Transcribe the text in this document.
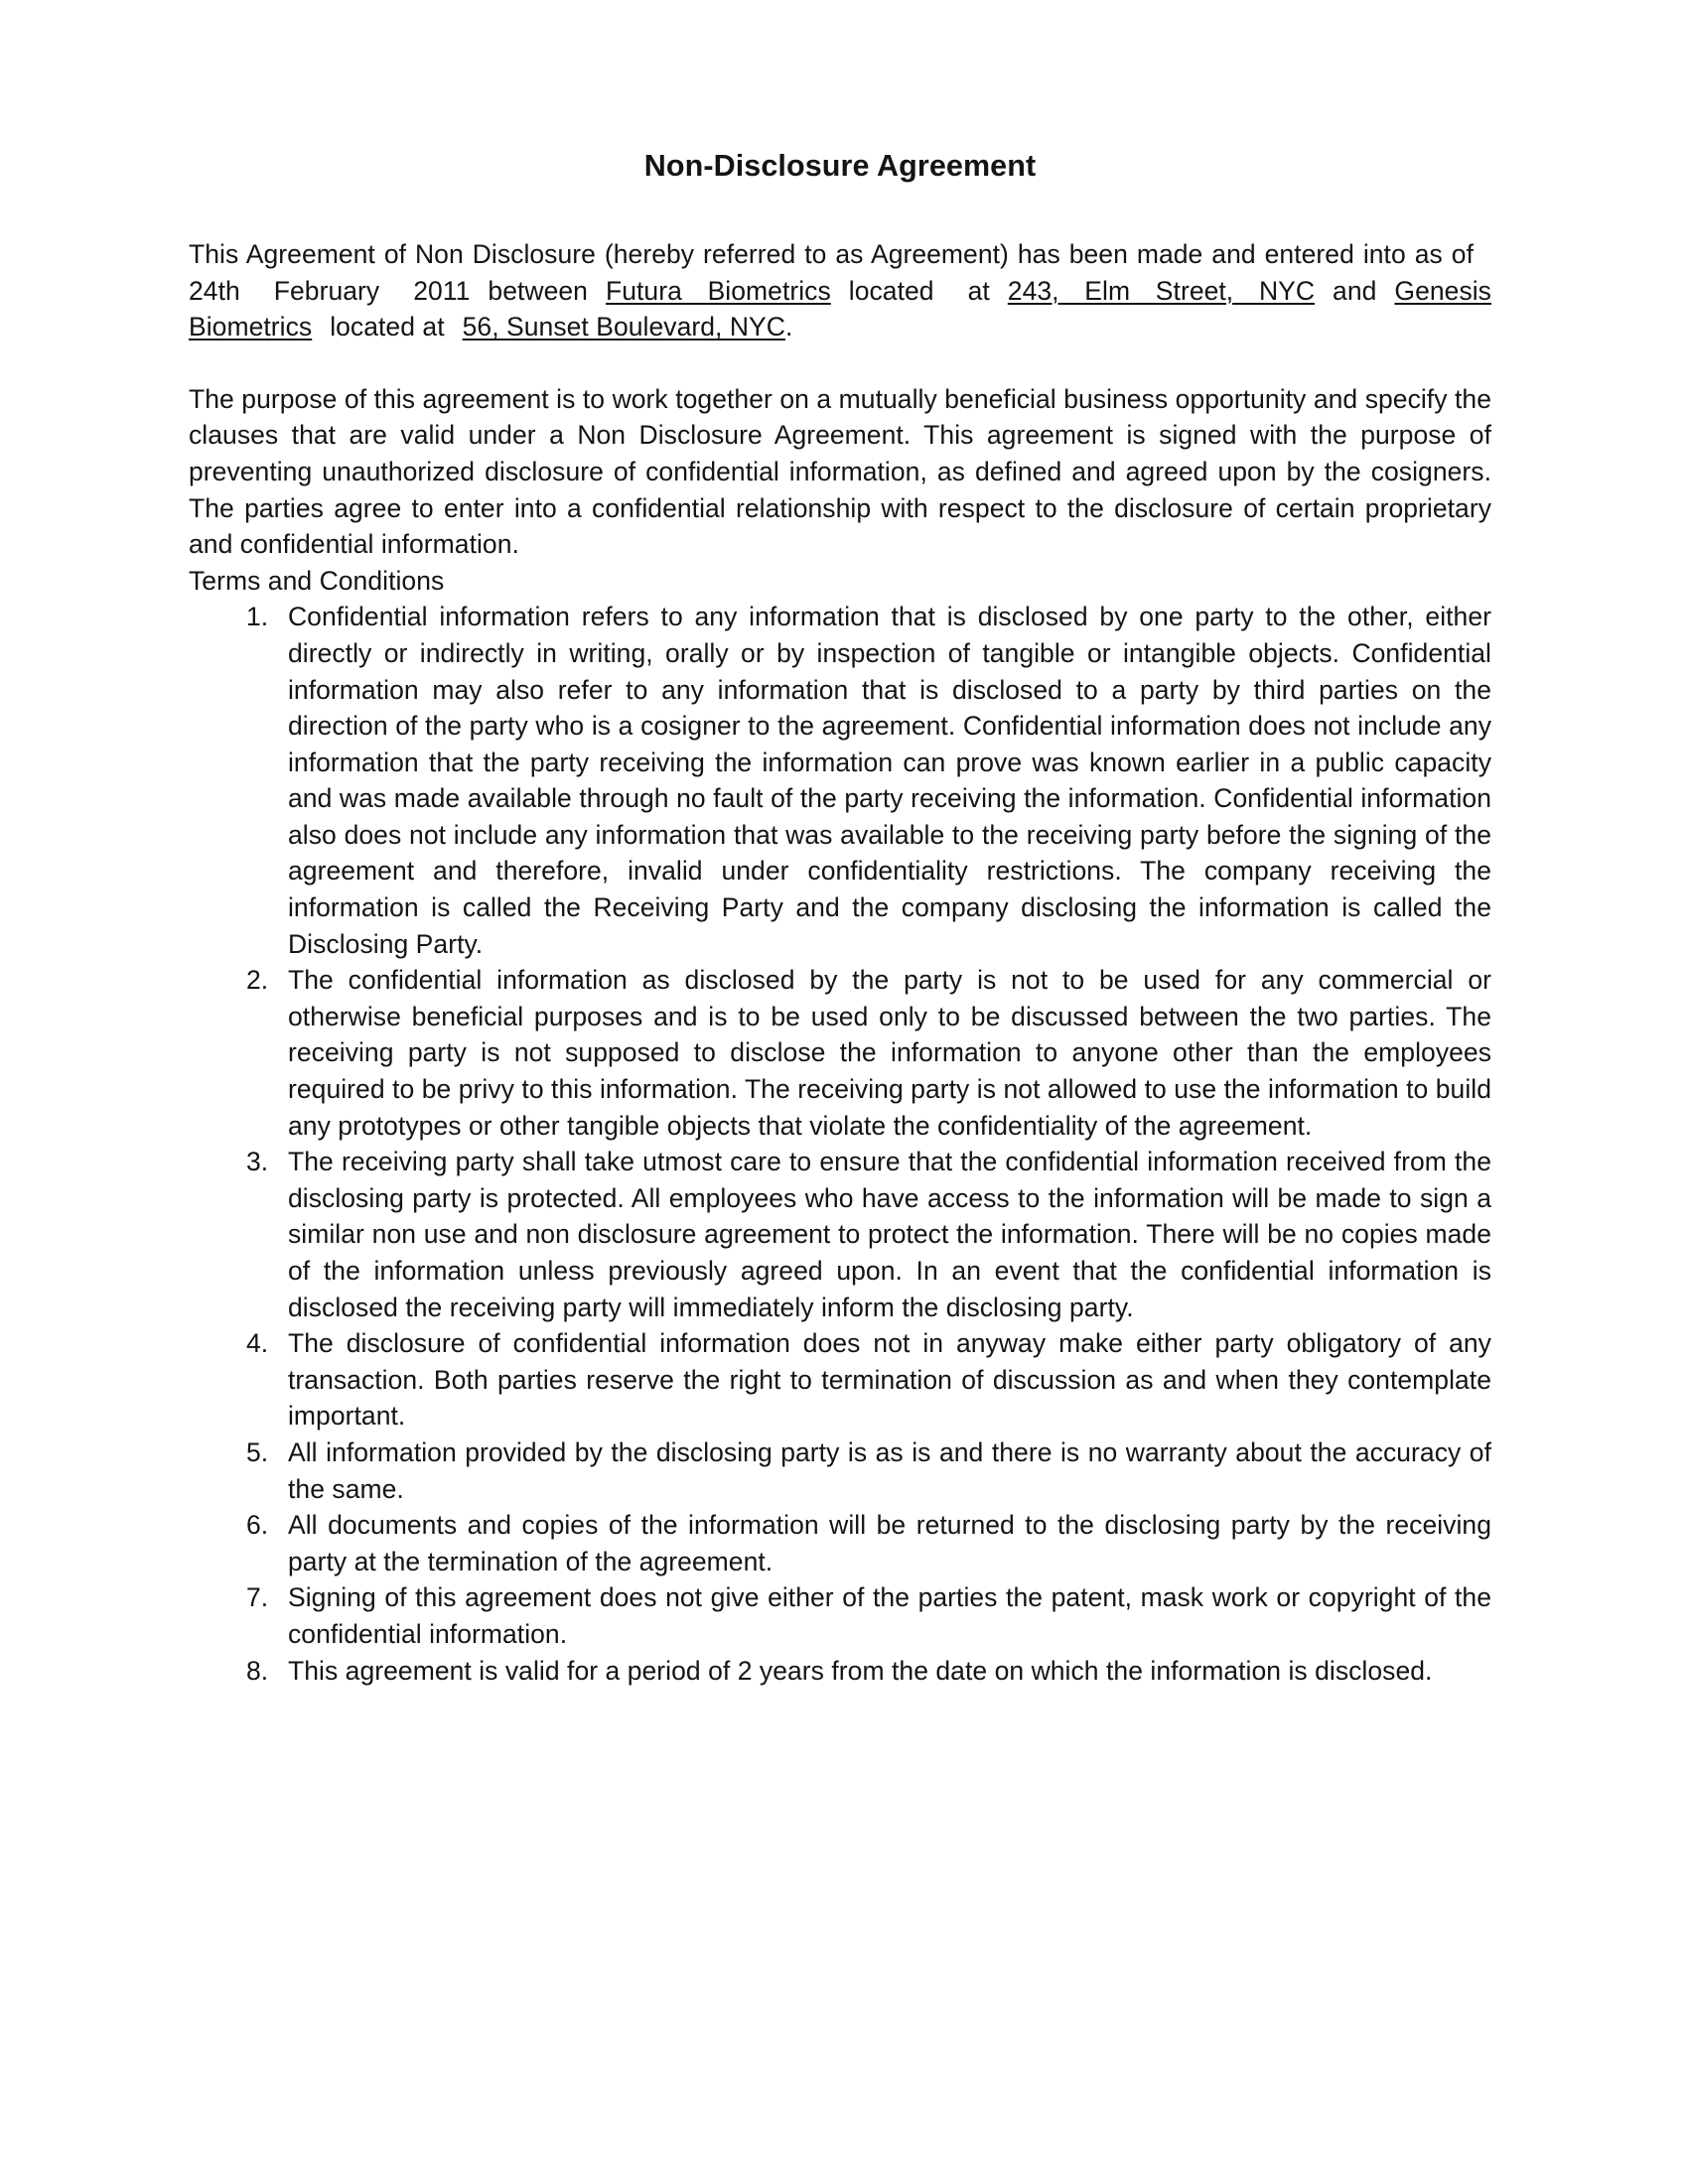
Non-Disclosure Agreement

This Agreement of Non Disclosure (hereby referred to as Agreement) has been made and entered into as of24th February 2011 between Futura Biometrics located at 243, Elm Street, NYC and Genesis Biometrics located at 56, Sunset Boulevard, NYC.

The purpose of this agreement is to work together on a mutually beneficial business opportunity and specify the clauses that are valid under a Non Disclosure Agreement. This agreement is signed with the purpose of preventing unauthorized disclosure of confidential information, as defined and agreed upon by the cosigners. The parties agree to enter into a confidential relationship with respect to the disclosure of certain proprietary and confidential information.

Terms and Conditions
Confidential information refers to any information that is disclosed by one party to the other, either directly or indirectly in writing, orally or by inspection of tangible or intangible objects. Confidential information may also refer to any information that is disclosed to a party by third parties on the direction of the party who is a cosigner to the agreement. Confidential information does not include any information that the party receiving the information can prove was known earlier in a public capacity and was made available through no fault of the party receiving the information. Confidential information also does not include any information that was available to the receiving party before the signing of the agreement and therefore, invalid under confidentiality restrictions. The company receiving the information is called the Receiving Party and the company disclosing the information is called the Disclosing Party.
The confidential information as disclosed by the party is not to be used for any commercial or otherwise beneficial purposes and is to be used only to be discussed between the two parties. The receiving party is not supposed to disclose the information to anyone other than the employees required to be privy to this information. The receiving party is not allowed to use the information to build any prototypes or other tangible objects that violate the confidentiality of the agreement.
The receiving party shall take utmost care to ensure that the confidential information received from the disclosing party is protected. All employees who have access to the information will be made to sign a similar non use and non disclosure agreement to protect the information. There will be no copies made of the information unless previously agreed upon. In an event that the confidential information is disclosed the receiving party will immediately inform the disclosing party.
The disclosure of confidential information does not in anyway make either party obligatory of any transaction. Both parties reserve the right to termination of discussion as and when they contemplate important.
All information provided by the disclosing party is as is and there is no warranty about the accuracy of the same.
All documents and copies of the information will be returned to the disclosing party by the receiving party at the termination of the agreement.
Signing of this agreement does not give either of the parties the patent, mask work or copyright of the confidential information.
This agreement is valid for a period of 2 years from the date on which the information is disclosed.
